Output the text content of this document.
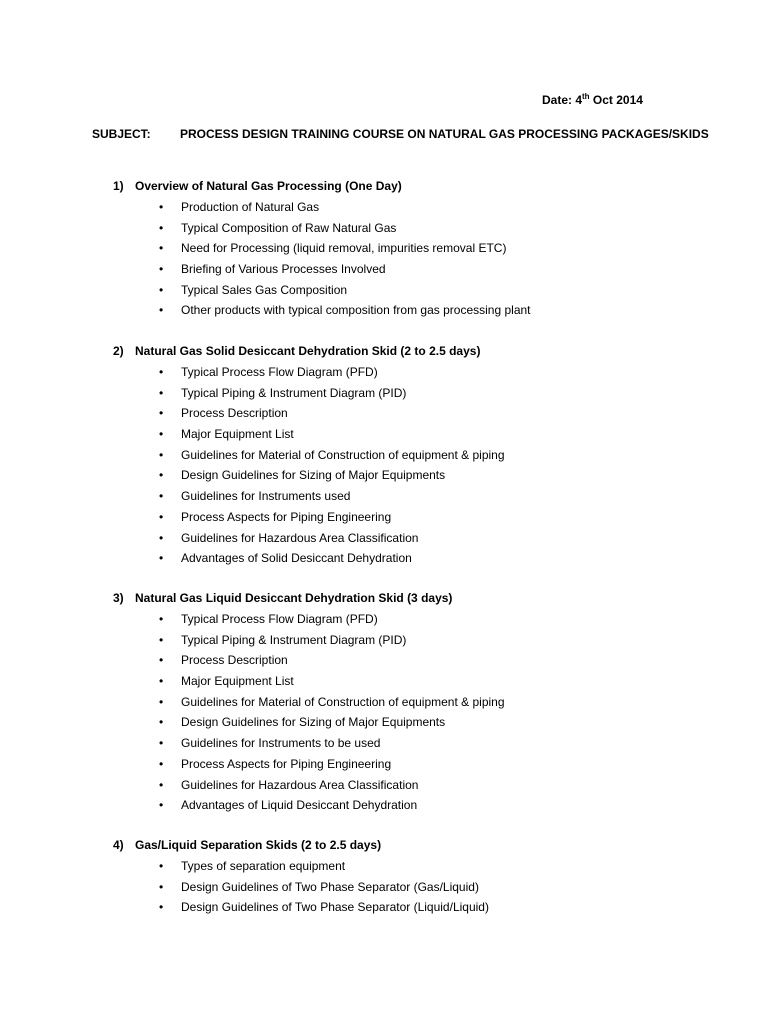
Date: 4th Oct 2014
SUBJECT: PROCESS DESIGN TRAINING COURSE ON NATURAL GAS PROCESSING PACKAGES/SKIDS
1) Overview of Natural Gas Processing (One Day)
• Production of Natural Gas
• Typical Composition of Raw Natural Gas
• Need for Processing (liquid removal, impurities removal ETC)
• Briefing of Various Processes Involved
• Typical Sales Gas Composition
• Other products with typical composition from gas processing plant
2) Natural Gas Solid Desiccant Dehydration Skid (2 to 2.5 days)
• Typical Process Flow Diagram (PFD)
• Typical Piping & Instrument Diagram (PID)
• Process Description
• Major Equipment List
• Guidelines for Material of Construction of equipment & piping
• Design Guidelines for Sizing of Major Equipments
• Guidelines for Instruments used
• Process Aspects for Piping Engineering
• Guidelines for Hazardous Area Classification
• Advantages of Solid Desiccant Dehydration
3) Natural Gas Liquid Desiccant Dehydration Skid (3 days)
• Typical Process Flow Diagram (PFD)
• Typical Piping & Instrument Diagram (PID)
• Process Description
• Major Equipment List
• Guidelines for Material of Construction of equipment & piping
• Design Guidelines for Sizing of Major Equipments
• Guidelines for Instruments to be used
• Process Aspects for Piping Engineering
• Guidelines for Hazardous Area Classification
• Advantages of Liquid Desiccant Dehydration
4) Gas/Liquid Separation Skids (2 to 2.5 days)
• Types of separation equipment
• Design Guidelines of Two Phase Separator (Gas/Liquid)
• Design Guidelines of Two Phase Separator (Liquid/Liquid)
